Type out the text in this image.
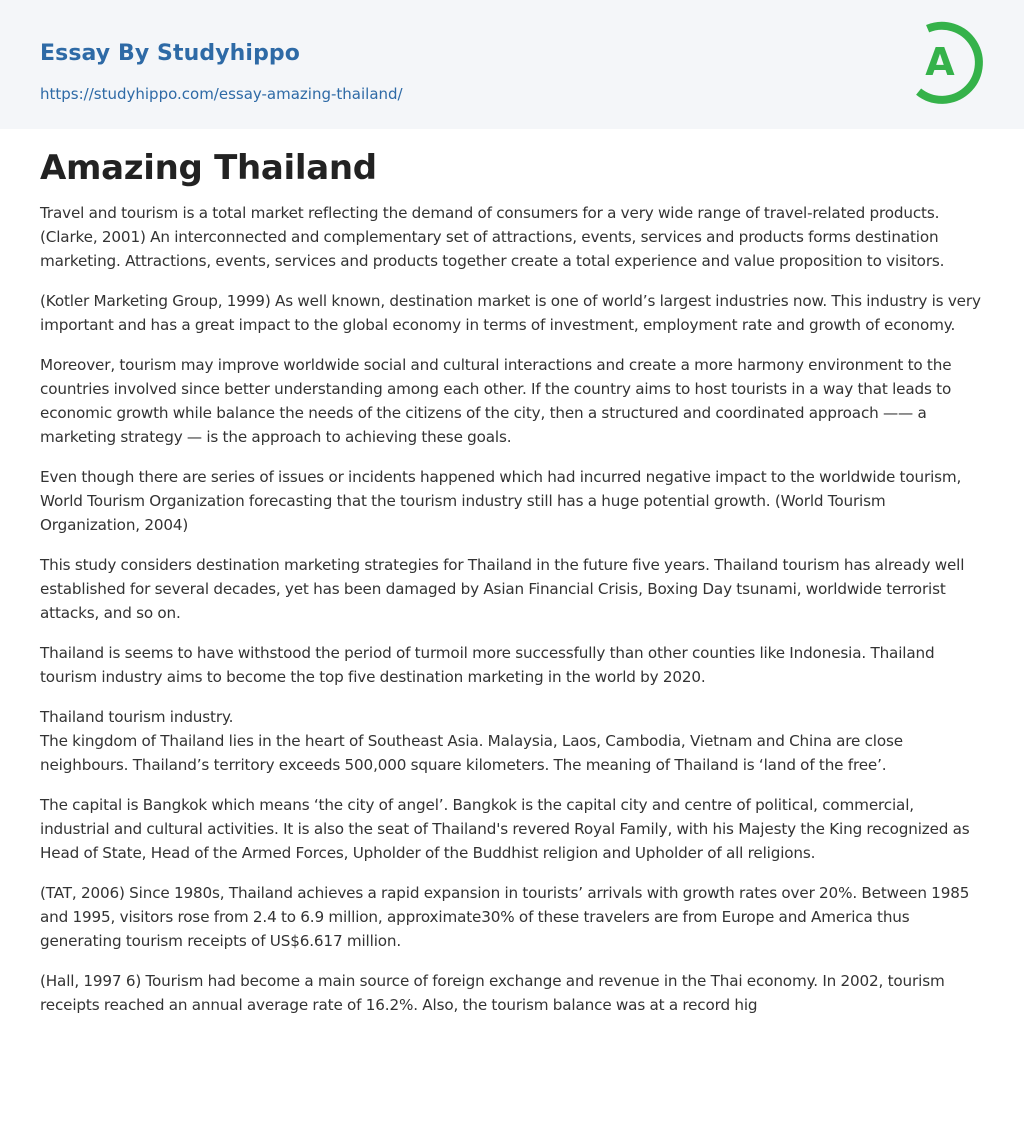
Essay By Studyhippo
https://studyhippo.com/essay-amazing-thailand/
A
Amazing Thailand

Travel and tourism is a total market reflecting the demand of consumers for a very wide range of travel-related products. (Clarke, 2001) An interconnected and complementary set of attractions, events, services and products forms destination marketing. Attractions, events, services and products together create a total experience and value proposition to visitors.

(Kotler Marketing Group, 1999) As well known, destination market is one of world’s largest industries now. This industry is very important and has a great impact to the global economy in terms of investment, employment rate and growth of economy.

Moreover, tourism may improve worldwide social and cultural interactions and create a more harmony environment to the countries involved since better understanding among each other. If the country aims to host tourists in a way that leads to economic growth while balance the needs of the citizens of the city, then a structured and coordinated approach —— a marketing strategy — is the approach to achieving these goals.

Even though there are series of issues or incidents happened which had incurred negative impact to the worldwide tourism, World Tourism Organization forecasting that the tourism industry still has a huge potential growth. (World Tourism Organization, 2004)

This study considers destination marketing strategies for Thailand in the future five years. Thailand tourism has already well established for several decades, yet has been damaged by Asian Financial Crisis, Boxing Day tsunami, worldwide terrorist attacks, and so on.

Thailand is seems to have withstood the period of turmoil more successfully than other counties like Indonesia. Thailand tourism industry aims to become the top five destination marketing in the world by 2020.

Thailand tourism industry.
The kingdom of Thailand lies in the heart of Southeast Asia. Malaysia, Laos, Cambodia, Vietnam and China are close neighbours. Thailand’s territory exceeds 500,000 square kilometers. The meaning of Thailand is ‘land of the free’.

The capital is Bangkok which means ‘the city of angel’. Bangkok is the capital city and centre of political, commercial, industrial and cultural activities. It is also the seat of Thailand's revered Royal Family, with his Majesty the King recognized as Head of State, Head of the Armed Forces, Upholder of the Buddhist religion and Upholder of all religions.

(TAT, 2006) Since 1980s, Thailand achieves a rapid expansion in tourists’ arrivals with growth rates over 20%. Between 1985 and 1995, visitors rose from 2.4 to 6.9 million, approximate30% of these travelers are from Europe and America thus generating tourism receipts of US$6.617 million.

(Hall, 1997 6) Tourism had become a main source of foreign exchange and revenue in the Thai economy. In 2002, tourism receipts reached an annual average rate of 16.2%. Also, the tourism balance was at a record hig
